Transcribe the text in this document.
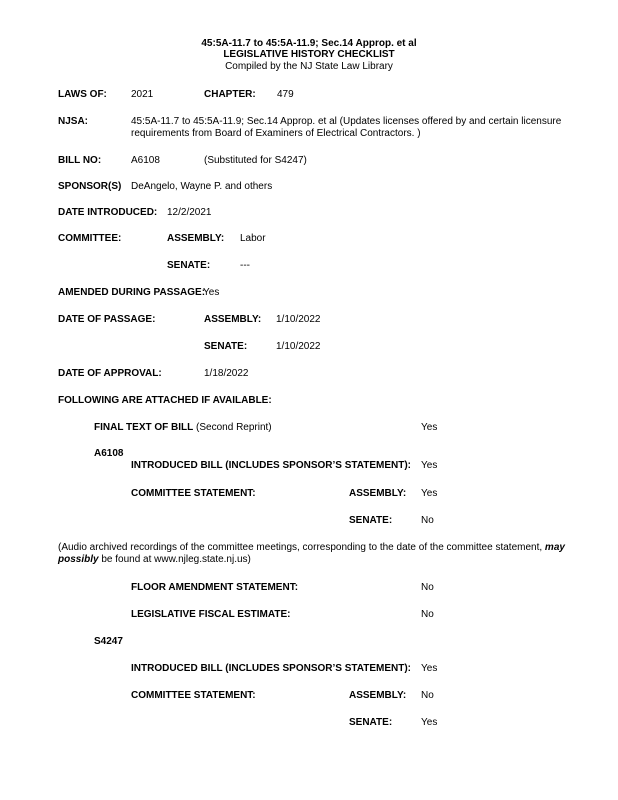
45:5A-11.7 to 45:5A-11.9; Sec.14 Approp. et al
LEGISLATIVE HISTORY CHECKLIST
Compiled by the NJ State Law Library
LAWS OF: 2021	CHAPTER: 479
NJSA:	45:5A-11.7 to 45:5A-11.9; Sec.14 Approp. et al (Updates licenses offered by and certain licensure
requirements from Board of Examiners of Electrical Contractors. )
BILL NO:	A6108	(Substituted for S4247)
SPONSOR(S) DeAngelo, Wayne P. and others
DATE INTRODUCED: 12/2/2021
COMMITTEE:	ASSEMBLY: Labor
SENATE:	---
AMENDED DURING PASSAGE:
Yes
DATE OF PASSAGE:	ASSEMBLY: 1/10/2022
SENATE:	1/10/2022
DATE OF APPROVAL:	1/18/2022
FOLLOWING ARE ATTACHED IF AVAILABLE:
FINAL TEXT OF BILL (Second Reprint)	Yes
A6108
INTRODUCED BILL (INCLUDES SPONSOR’S STATEMENT): Yes
COMMITTEE STATEMENT:	ASSEMBLY: Yes
SENATE:	No
(Audio archived recordings of the committee meetings, corresponding to the date of the committee statement, may possibly be found at www.njleg.state.nj.us)
FLOOR AMENDMENT STATEMENT:	No
LEGISLATIVE FISCAL ESTIMATE:	No
S4247
INTRODUCED BILL (INCLUDES SPONSOR’S STATEMENT): Yes
COMMITTEE STATEMENT:	ASSEMBLY: No
SENATE:	Yes
